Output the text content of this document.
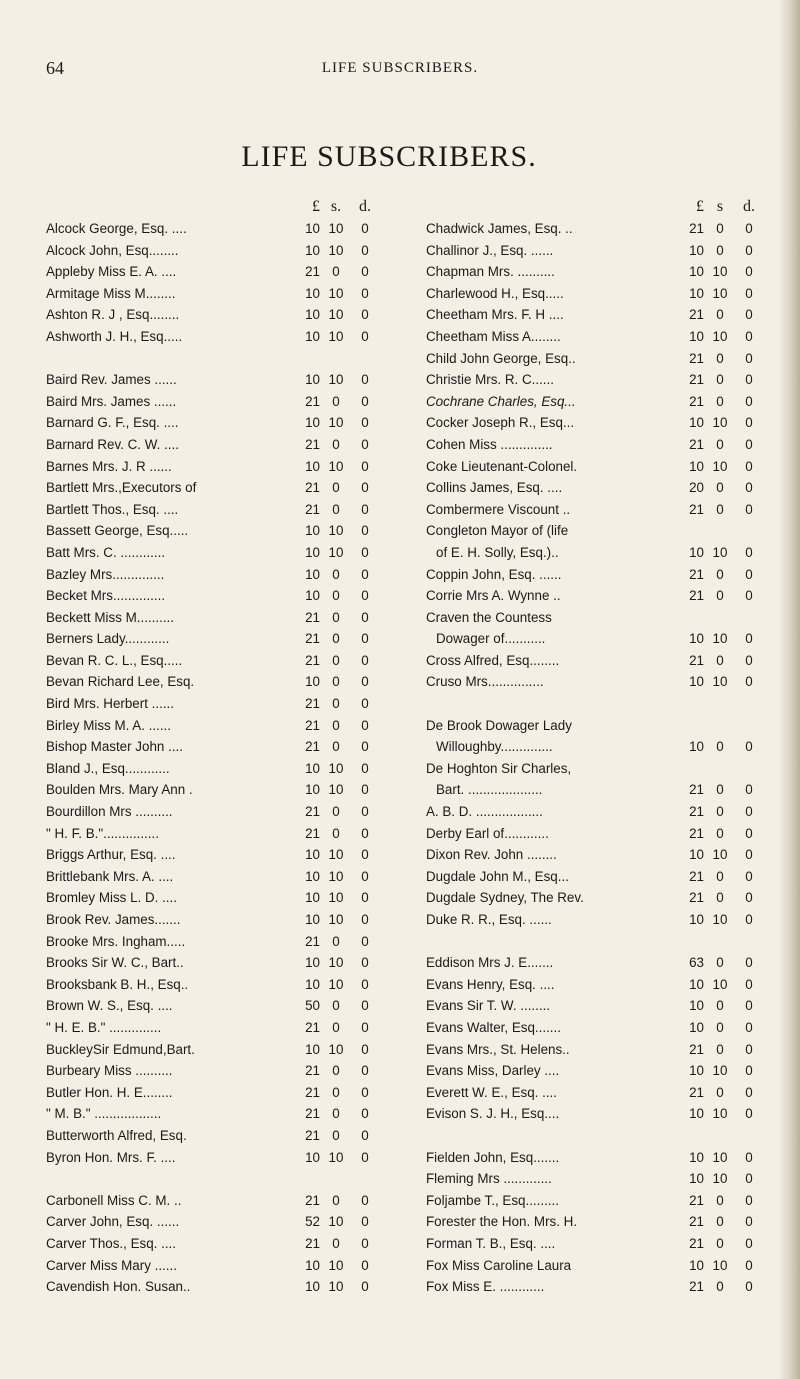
64	LIFE SUBSCRIBERS.
LIFE SUBSCRIBERS.
£ s.	d.
Alcock George, Esq. ....	10 10	0
Alcock John, Esq........	10 10	0
Appleby Miss E. A. ....	21 0	0
Armitage Miss M........	10 10	0
Ashton R. J , Esq........	10 10	0
Ashworth J. H., Esq.....	10 10	0
Baird Rev. James ......	10 10	0
Baird Mrs. James ......	21 0	0
Barnard G. F., Esq. ....	10 10	0
Barnard Rev. C. W. ....	21 0	0
Barnes Mrs. J. R ......	10 10	0
Bartlett Mrs.,Executors of	21 0	0
Bartlett Thos., Esq. ....	21 0	0
Bassett George, Esq.....	10 10	0
Batt Mrs. C. ............	10 10	0
Bazley Mrs..............	10 0	0
Becket Mrs..............	10 0	0
Beckett Miss M..........	21 0	0
Berners Lady............	21 0	0
Bevan R. C. L., Esq.....	21 0	0
Bevan Richard Lee, Esq.	10 0	0
Bird Mrs. Herbert ......	21 0	0
Birley Miss M. A. ......	21 0	0
Bishop Master John ....	21 0	0
Bland J., Esq............	10 10	0
Boulden Mrs. Mary Ann .	10 10	0
Bourdillon Mrs ..........	21 0	0
" H. F. B."...............	21 0	0
Briggs Arthur, Esq. ....	10 10	0
Brittlebank Mrs. A. ....	10 10	0
Bromley Miss L. D. ....	10 10	0
Brook Rev. James.......	10 10	0
Brooke Mrs. Ingham.....	21 0	0
Brooks Sir W. C., Bart..	10 10	0
Brooksbank B. H., Esq..	10 10	0
Brown W. S., Esq. ....	50 0	0
" H. E. B." ..............	21 0	0
BuckleySir Edmund,Bart.	10 10	0
Burbeary Miss ..........	21 0	0
Butler Hon. H. E........	21 0	0
" M. B." ..................	21 0	0
Butterworth Alfred, Esq.	21 0	0
Byron Hon. Mrs. F. ....	10 10	0
Carbonell Miss C. M. ..	21 0	0
Carver John, Esq. ......	52 10	0
Carver Thos., Esq. ....	21 0	0
Carver Miss Mary ......	10 10	0
Cavendish Hon. Susan..	10 10	0
£ s	d.
Chadwick James, Esq. ..	21 0	0
Challinor J., Esq. ......	10 0	0
Chapman Mrs. ..........	10 10	0
Charlewood H., Esq.....	10 10	0
Cheetham Mrs. F. H ....	21 0	0
Cheetham Miss A........	10 10	0
Child John George, Esq..	21 0	0
Christie Mrs. R. C......	21 0	0
Cochrane Charles, Esq...	21 0	0
Cocker Joseph R., Esq...	10 10	0
Cohen Miss ..............	21 0	0
Coke Lieutenant-Colonel.	10 10	0
Collins James, Esq. ....	20 0	0
Combermere Viscount ..	21 0	0
Congleton Mayor of (life
of E. H. Solly, Esq.)..	10 10	0
Coppin John, Esq. ......	21 0	0
Corrie Mrs A. Wynne ..	21 0	0
Craven the Countess
Dowager of...........	10 10	0
Cross Alfred, Esq........	21 0	0
Cruso Mrs...............	10 10	0
De Brook Dowager Lady
Willoughby..............	10 0	0
De Hoghton Sir Charles,
Bart. ....................	21 0	0
A. B. D. ..................	21 0	0
Derby Earl of............	21 0	0
Dixon Rev. John ........	10 10	0
Dugdale John M., Esq...	21 0	0
Dugdale Sydney, The Rev.	21 0	0
Duke R. R., Esq. ......	10 10	0
Eddison Mrs J. E.......	63 0	0
Evans Henry, Esq. ....	10 10	0
Evans Sir T. W. ........	10 0	0
Evans Walter, Esq.......	10 0	0
Evans Mrs., St. Helens..	21 0	0
Evans Miss, Darley ....	10 10	0
Everett W. E., Esq. ....	21 0	0
Evison S. J. H., Esq....	10 10	0
Fielden John, Esq.......	10 10	0
Fleming Mrs .............	10 10	0
Foljambe T., Esq.........	21 0	0
Forester the Hon. Mrs. H.	21 0	0
Forman T. B., Esq. ....	21 0	0
Fox Miss Caroline Laura	10 10	0
Fox Miss E. ............	21 0	0
